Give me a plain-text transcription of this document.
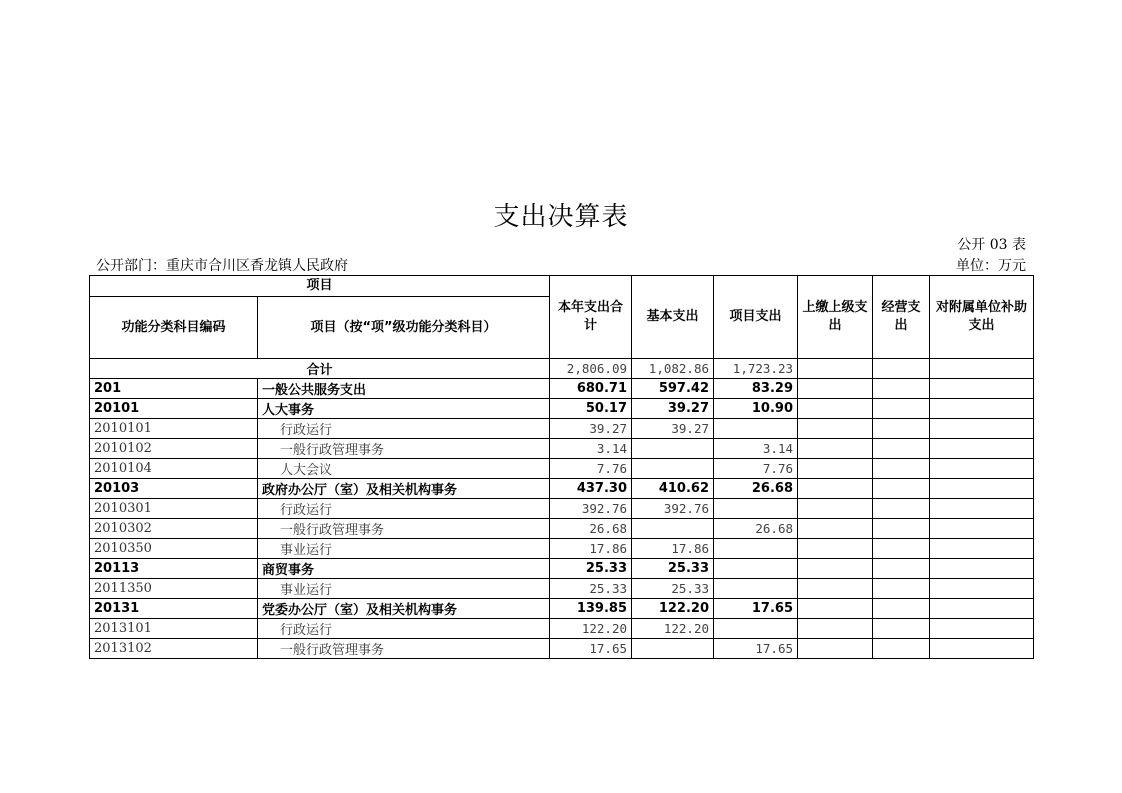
支出决算表
公开 03 表
公开部门：重庆市合川区香龙镇人民政府	单位：万元
项目		本年支出合计	基本支出	项目支出	上缴上级支出	经营支出	对附属单位补助支出
功能分类科目编码	项目（按“项”级功能分类科目）						
合计		2,806.09	1,082.86	1,723.23			
201	一般公共服务支出	680.71	597.42	83.29			
20101	人大事务	50.17	39.27	10.90			
2010101	行政运行	39.27	39.27				
2010102	一般行政管理事务	3.14		3.14			
2010104	人大会议	7.76		7.76			
20103	政府办公厅（室）及相关机构事务	437.30	410.62	26.68			
2010301	行政运行	392.76	392.76				
2010302	一般行政管理事务	26.68		26.68			
2010350	事业运行	17.86	17.86				
20113	商贸事务	25.33	25.33				
2011350	事业运行	25.33	25.33				
20131	党委办公厅（室）及相关机构事务	139.85	122.20	17.65			
2013101	行政运行	122.20	122.20				
2013102	一般行政管理事务	17.65		17.65			
